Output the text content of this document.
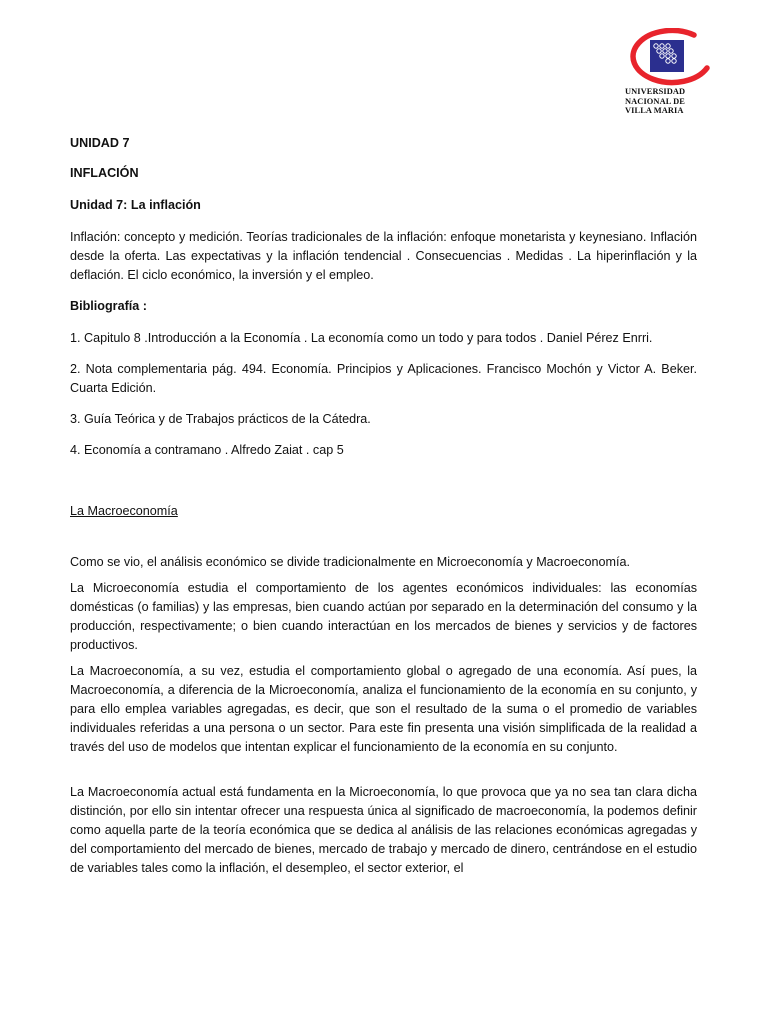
UNIVERSIDAD
NACIONAL DE
VILLA MARIA

UNIDAD 7

INFLACIÓN

Unidad 7: La inflación

Inflación: concepto y medición. Teorías tradicionales de la inflación: enfoque monetarista y keynesiano. Inflación desde la oferta. Las expectativas y la inflación tendencial . Consecuencias . Medidas . La hiperinflación y la deflación. El ciclo económico, la inversión y el empleo.

Bibliografía :

1. Capitulo 8 .Introducción a la Economía . La economía como un todo y para todos . Daniel Pérez Enrri.

2. Nota complementaria pág. 494. Economía. Principios y Aplicaciones. Francisco Mochón y Victor A. Beker. Cuarta Edición.

3. Guía Teórica y de Trabajos prácticos de la Cátedra.

4. Economía a contramano . Alfredo Zaiat . cap 5

La Macroeconomía

Como se vio, el análisis económico se divide tradicionalmente en Microeconomía y Macroeconomía.

La Microeconomía estudia el comportamiento de los agentes económicos individuales: las economías domésticas (o familias) y las empresas, bien cuando actúan por separado en la determinación del consumo y la producción, respectivamente; o bien cuando interactúan en los mercados de bienes y servicios y de factores productivos.

La Macroeconomía, a su vez, estudia el comportamiento global o agregado de una economía. Así pues, la Macroeconomía, a diferencia de la Microeconomía, analiza el funcionamiento de la economía en su conjunto, y para ello emplea variables agregadas, es decir, que son el resultado de la suma o el promedio de variables individuales referidas a una persona o un sector. Para este fin presenta una visión simplificada de la realidad a través del uso de modelos que intentan explicar el funcionamiento de la economía en su conjunto.

La Macroeconomía actual está fundamenta en la Microeconomía, lo que provoca que ya no sea tan clara dicha distinción, por ello sin intentar ofrecer una respuesta única al significado de macroeconomía, la podemos definir como aquella parte de la teoría económica que se dedica al análisis de las relaciones económicas agregadas y del comportamiento del mercado de bienes, mercado de trabajo y mercado de dinero, centrándose en el estudio de variables tales como la inflación, el desempleo, el sector exterior, el
